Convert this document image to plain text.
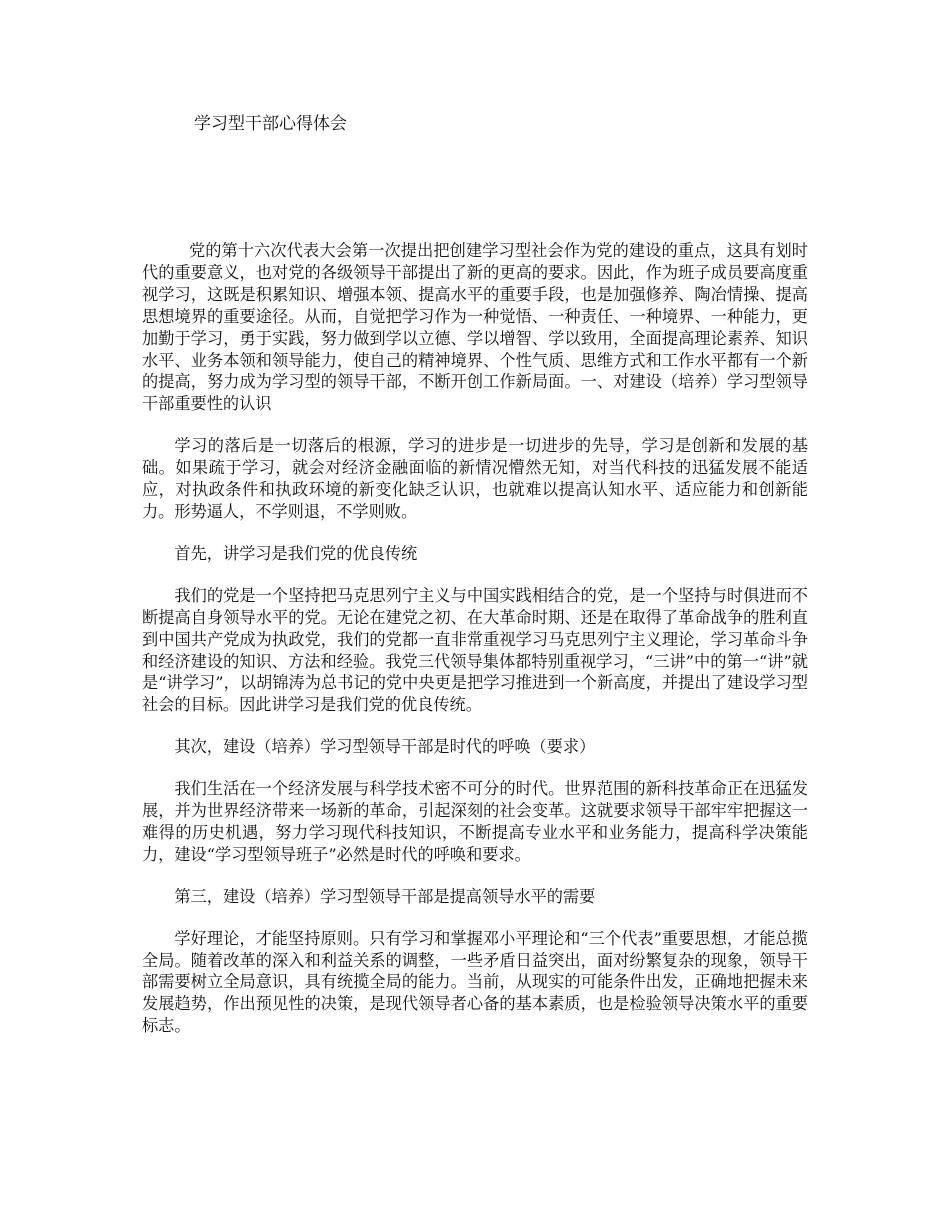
学习型干部心得体会

党的第十六次代表大会第一次提出把创建学习型社会作为党的建设的重点，这具有划时代的重要意义，也对党的各级领导干部提出了新的更高的要求。因此，作为班子成员要高度重视学习，这既是积累知识、增强本领、提高水平的重要手段，也是加强修养、陶冶情操、提高思想境界的重要途径。从而，自觉把学习作为一种觉悟、一种责任、一种境界、一种能力，更加勤于学习，勇于实践，努力做到学以立德、学以增智、学以致用，全面提高理论素养、知识水平、业务本领和领导能力，使自己的精神境界、个性气质、思维方式和工作水平都有一个新的提高，努力成为学习型的领导干部，不断开创工作新局面。一、对建设（培养）学习型领导干部重要性的认识

学习的落后是一切落后的根源，学习的进步是一切进步的先导，学习是创新和发展的基础。如果疏于学习，就会对经济金融面临的新情况懵然无知，对当代科技的迅猛发展不能适应，对执政条件和执政环境的新变化缺乏认识，也就难以提高认知水平、适应能力和创新能力。形势逼人，不学则退，不学则败。

首先，讲学习是我们党的优良传统

我们的党是一个坚持把马克思列宁主义与中国实践相结合的党，是一个坚持与时俱进而不断提高自身领导水平的党。无论在建党之初、在大革命时期、还是在取得了革命战争的胜利直到中国共产党成为执政党，我们的党都一直非常重视学习马克思列宁主义理论，学习革命斗争和经济建设的知识、方法和经验。我党三代领导集体都特别重视学习，“三讲”中的第一“讲”就是“讲学习”，以胡锦涛为总书记的党中央更是把学习推进到一个新高度，并提出了建设学习型社会的目标。因此讲学习是我们党的优良传统。

其次，建设（培养）学习型领导干部是时代的呼唤（要求）

我们生活在一个经济发展与科学技术密不可分的时代。世界范围的新科技革命正在迅猛发展，并为世界经济带来一场新的革命，引起深刻的社会变革。这就要求领导干部牢牢把握这一难得的历史机遇，努力学习现代科技知识，不断提高专业水平和业务能力，提高科学决策能力，建设“学习型领导班子”必然是时代的呼唤和要求。

第三，建设（培养）学习型领导干部是提高领导水平的需要

学好理论，才能坚持原则。只有学习和掌握邓小平理论和“三个代表”重要思想，才能总揽全局。随着改革的深入和利益关系的调整，一些矛盾日益突出，面对纷繁复杂的现象，领导干部需要树立全局意识，具有统揽全局的能力。当前，从现实的可能条件出发，正确地把握未来发展趋势，作出预见性的决策，是现代领导者心备的基本素质，也是检验领导决策水平的重要标志。
